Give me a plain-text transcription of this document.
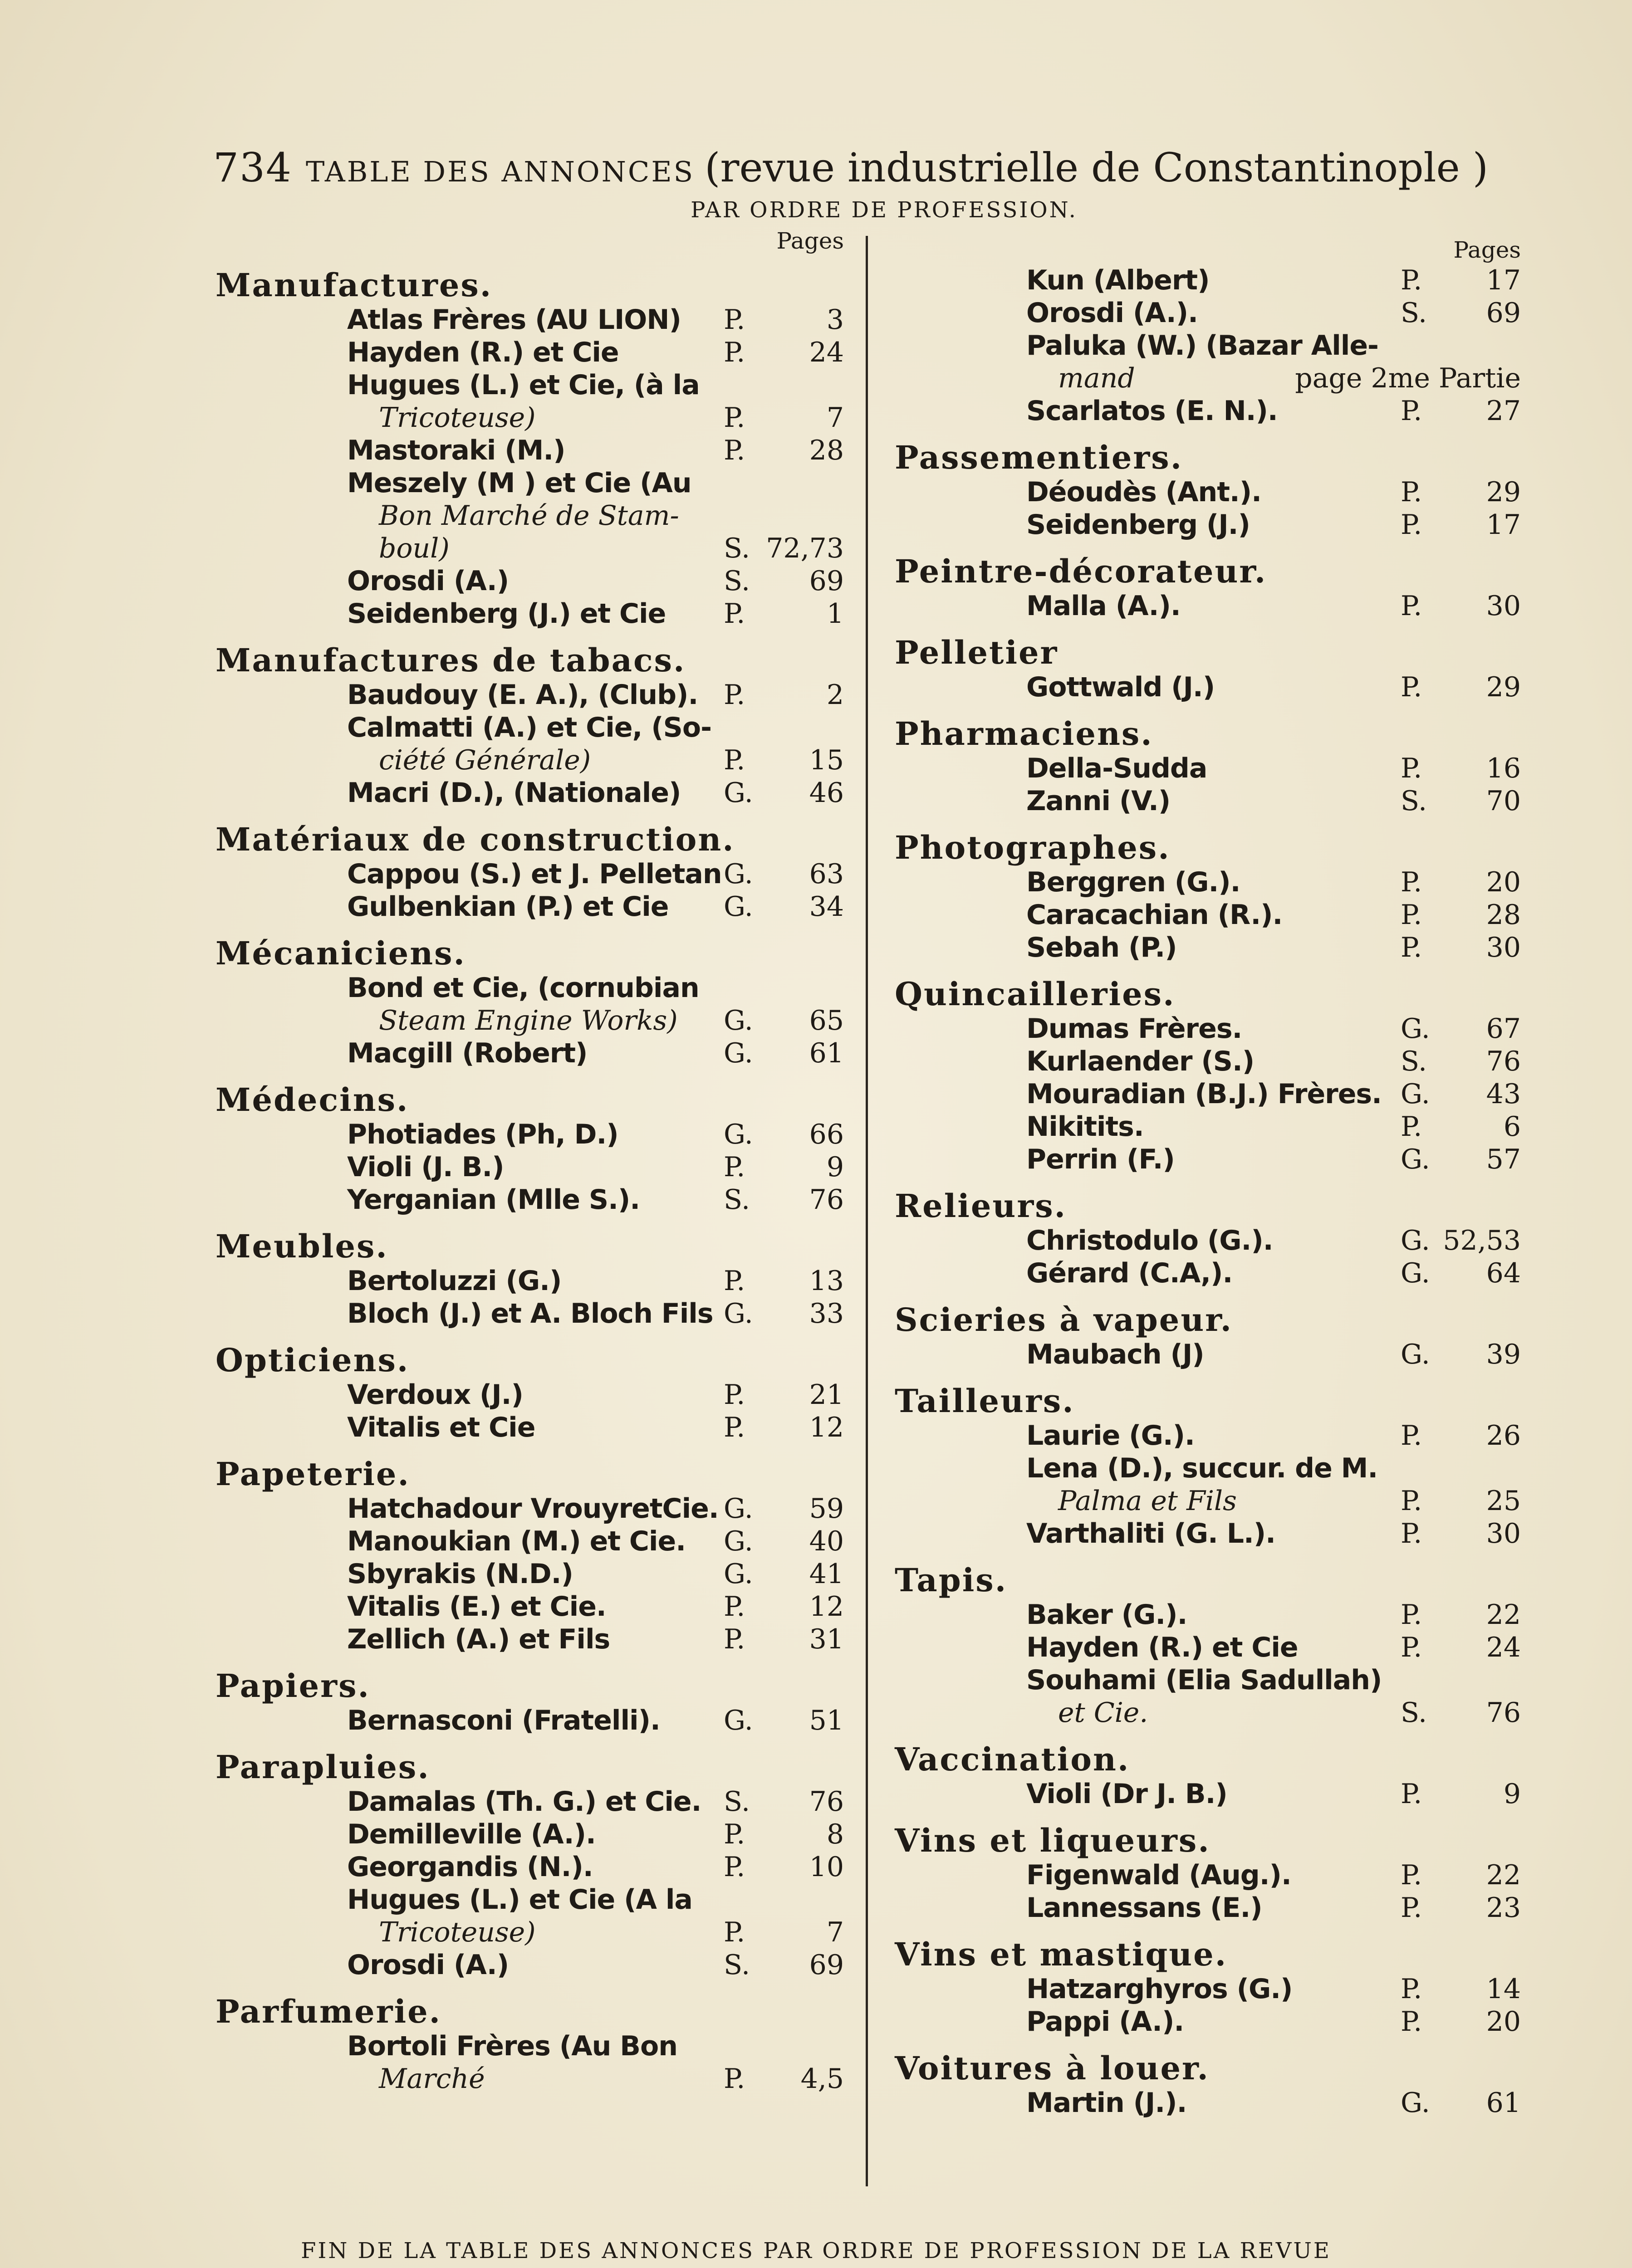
734 TABLE DES ANNONCES (revue industrielle de Constantinople )
PAR ORDRE DE PROFESSION.
Pages
Manufactures.
Atlas Frères (AU LION) P.	3
Hayden (R.) et Cie	P.	24
Hugues (L.) et Cie, (à la
Tricoteuse)	P.	7
Mastoraki (M.)	P.	28
Meszely (M ) et Cie (Au
Bon Marché de Stam-
boul)	S. 72,73
Orosdi (A.)	S.	69
Seidenberg (J.) et Cie P.	1
Manufactures de tabacs.
Baudouy (E. A.), (Club). P.	2
Calmatti (A.) et Cie, (So-
ciété Générale)	P.	15
Macri (D.), (Nationale) G.	46
Matériaux de construction.
Cappou (S.) et J. Pelletan G.	63
Gulbenkian (P.) et Cie G.	34
Mécaniciens.
Bond et Cie, (cornubian
Steam Engine Works)	G.	65
Macgill (Robert)	G.	61
Médecins.
Photiades (Ph, D.)	G.	66
Violi (J. B.)	P.	9
Yerganian (Mlle S.).	S.	76
Meubles.
Bertoluzzi (G.)	P.	13
Bloch (J.) et A. Bloch Fils G.	33
Opticiens.
Verdoux (J.)	P.	21
Vitalis et Cie	P.	12
Papeterie.
Hatchadour VrouyretCie. G.	59
Manoukian (M.) et Cie. G.	40
Sbyrakis (N.D.)	G.	41
Vitalis (E.) et Cie.	P.	12
Zellich (A.) et Fils	P.	31
Papiers.
Bernasconi (Fratelli). G.	51
Parapluies.
Damalas (Th. G.) et Cie. S.	76
Demilleville (A.).	P.	8
Georgandis (N.).	P.	10
Hugues (L.) et Cie (A la
Tricoteuse)	P.	7
Orosdi (A.)	S.	69
Parfumerie.
Bortoli Frères (Au Bon
Marché	P.	4,5
Pages
Kun (Albert)	P.	17
Orosdi (A.).	S.	69
Paluka (W.) (Bazar Alle-
mand	page 2me Partie
Scarlatos (E. N.).	P.	27
Passementiers.
Déoudès (Ant.).	P.	29
Seidenberg (J.)	P.	17
Peintre-décorateur.
Malla (A.).	P.	30
Pelletier
Gottwald (J.)	P.	29
Pharmaciens.
Della-Sudda	P.	16
Zanni (V.)	S.	70
Photographes.
Berggren (G.).	P.	20
Caracachian (R.).	P.	28
Sebah (P.)	P.	30
Quincailleries.
Dumas Frères.	G.	67
Kurlaender (S.)	S.	76
Mouradian (B.J.) Frères. G.	43
Nikitits.	P.	6
Perrin (F.)	G.	57
Relieurs.
Christodulo (G.).	G. 52,53
Gérard (C.A,).	G.	64
Scieries à vapeur.
Maubach (J)	G.	39
Tailleurs.
Laurie (G.).	P.	26
Lena (D.), succur. de M.
Palma et Fils	P.	25
Varthaliti (G. L.).	P.	30
Tapis.
Baker (G.).	P.	22
Hayden (R.) et Cie	P.	24
Souhami (Elia Sadullah)
et Cie.	S.	76
Vaccination.
Violi (Dr J. B.)	P.	9
Vins et liqueurs.
Figenwald (Aug.).	P.	22
Lannessans (E.)	P.	23
Vins et mastique.
Hatzarghyros (G.)	P.	14
Pappi (A.).	P.	20
Voitures à louer.
Martin (J.).	G.	61
FIN DE LA TABLE DES ANNONCES PAR ORDRE DE PROFESSION DE LA REVUE
